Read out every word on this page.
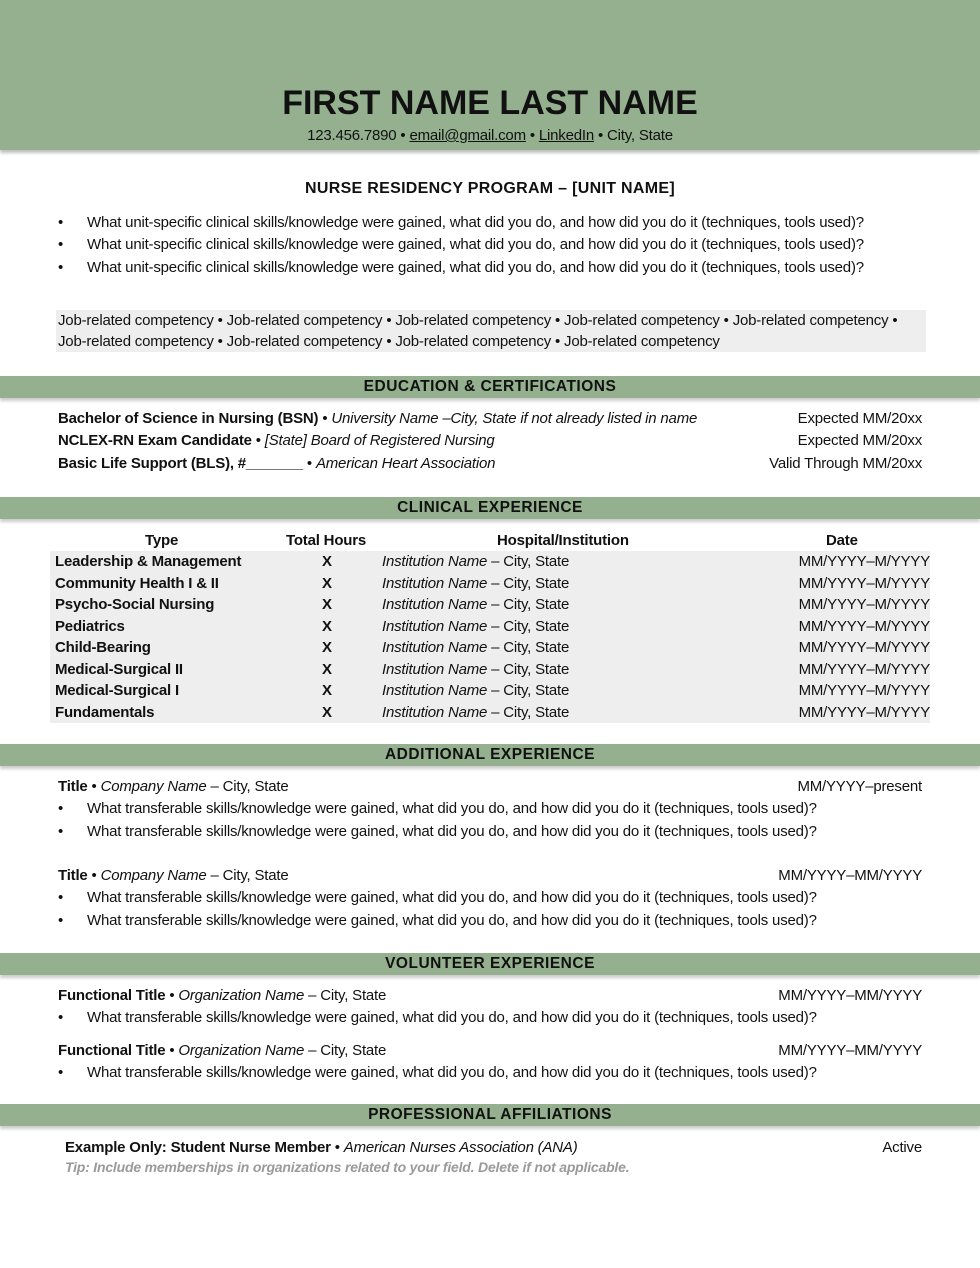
FIRST NAME LAST NAME
123.456.7890 • email@gmail.com • LinkedIn • City, State
NURSE RESIDENCY PROGRAM – [UNIT NAME]
• What unit-specific clinical skills/knowledge were gained, what did you do, and how did you do it (techniques, tools used)?
• What unit-specific clinical skills/knowledge were gained, what did you do, and how did you do it (techniques, tools used)?
• What unit-specific clinical skills/knowledge were gained, what did you do, and how did you do it (techniques, tools used)?
Job-related competency • Job-related competency • Job-related competency • Job-related competency • Job-related competency • Job-related competency • Job-related competency • Job-related competency • Job-related competency
EDUCATION & CERTIFICATIONS
Bachelor of Science in Nursing (BSN) • University Name –City, State if not already listed in name	Expected MM/20xx
NCLEX-RN Exam Candidate • [State] Board of Registered Nursing	Expected MM/20xx
Basic Life Support (BLS), #_______ • American Heart Association	Valid Through MM/20xx
CLINICAL EXPERIENCE
Type	Total Hours	Hospital/Institution	Date
Leadership & Management	X	Institution Name – City, State	MM/YYYY–M/YYYY
Community Health I & II	X	Institution Name – City, State	MM/YYYY–M/YYYY
Psycho-Social Nursing	X	Institution Name – City, State	MM/YYYY–M/YYYY
Pediatrics	X	Institution Name – City, State	MM/YYYY–M/YYYY
Child-Bearing	X	Institution Name – City, State	MM/YYYY–M/YYYY
Medical-Surgical II	X	Institution Name – City, State	MM/YYYY–M/YYYY
Medical-Surgical I	X	Institution Name – City, State	MM/YYYY–M/YYYY
Fundamentals	X	Institution Name – City, State	MM/YYYY–M/YYYY
ADDITIONAL EXPERIENCE
VOLUNTEER EXPERIENCE
Title • Company Name – City, State	MM/YYYY–present
• What transferable skills/knowledge were gained, what did you do, and how did you do it (techniques, tools used)?
• What transferable skills/knowledge were gained, what did you do, and how did you do it (techniques, tools used)?
Title • Company Name – City, State	MM/YYYY–MM/YYYY
• What transferable skills/knowledge were gained, what did you do, and how did you do it (techniques, tools used)?
• What transferable skills/knowledge were gained, what did you do, and how did you do it (techniques, tools used)?
Functional Title • Organization Name – City, State	MM/YYYY–MM/YYYY
• What transferable skills/knowledge were gained, what did you do, and how did you do it (techniques, tools used)?
Functional Title • Organization Name – City, State	MM/YYYY–MM/YYYY
• What transferable skills/knowledge were gained, what did you do, and how did you do it (techniques, tools used)?
PROFESSIONAL AFFILIATIONS
Example Only: Student Nurse Member • American Nurses Association (ANA)	Active
Tip: Include memberships in organizations related to your field. Delete if not applicable.
